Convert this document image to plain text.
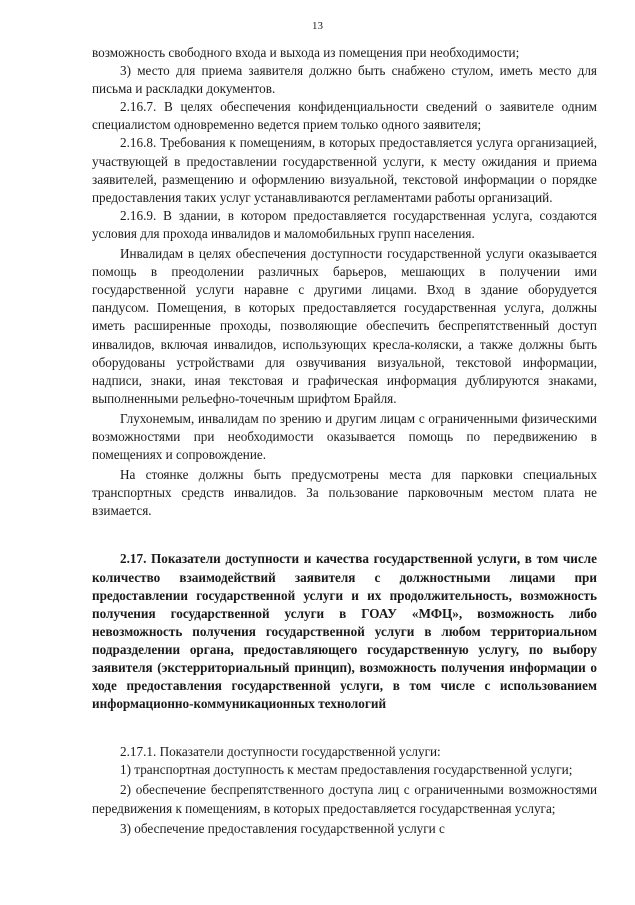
13

возможность свободного входа и выхода из помещения при необходимости;

3) место для приема заявителя должно быть снабжено стулом, иметь место для письма и раскладки документов.

2.16.7. В целях обеспечения конфиденциальности сведений о заявителе одним специалистом одновременно ведется прием только одного заявителя;

2.16.8. Требования к помещениям, в которых предоставляется услуга организацией, участвующей в предоставлении государственной услуги, к месту ожидания и приема заявителей, размещению и оформлению визуальной, текстовой информации о порядке предоставления таких услуг устанавливаются регламентами работы организаций.

2.16.9. В здании, в котором предоставляется государственная услуга, создаются условия для прохода инвалидов и маломобильных групп населения.

Инвалидам в целях обеспечения доступности государственной услуги оказывается помощь в преодолении различных барьеров, мешающих в получении ими государственной услуги наравне с другими лицами. Вход в здание оборудуется пандусом. Помещения, в которых предоставляется государственная услуга, должны иметь расширенные проходы, позволяющие обеспечить беспрепятственный доступ инвалидов, включая инвалидов, использующих кресла-коляски, а также должны быть оборудованы устройствами для озвучивания визуальной, текстовой информации, надписи, знаки, иная текстовая и графическая информация дублируются знаками, выполненными рельефно-точечным шрифтом Брайля.

Глухонемым, инвалидам по зрению и другим лицам с ограниченными физическими возможностями при необходимости оказывается помощь по передвижению в помещениях и сопровождение.

На стоянке должны быть предусмотрены места для парковки специальных транспортных средств инвалидов. За пользование парковочным местом плата не взимается.

2.17. Показатели доступности и качества государственной услуги, в том числе количество взаимодействий заявителя с должностными лицами при предоставлении государственной услуги и их продолжительность, возможность получения государственной услуги в ГОАУ «МФЦ», возможность либо невозможность получения государственной услуги в любом территориальном подразделении органа, предоставляющего государственную услугу, по выбору заявителя (экстерриториальный принцип), возможность получения информации о ходе предоставления государственной услуги, в том числе с использованием информационно-коммуникационных технологий

2.17.1. Показатели доступности государственной услуги:

1) транспортная доступность к местам предоставления государственной услуги;

2) обеспечение беспрепятственного доступа лиц с ограниченными возможностями передвижения к помещениям, в которых предоставляется государственная услуга;

3) обеспечение предоставления государственной услуги с
